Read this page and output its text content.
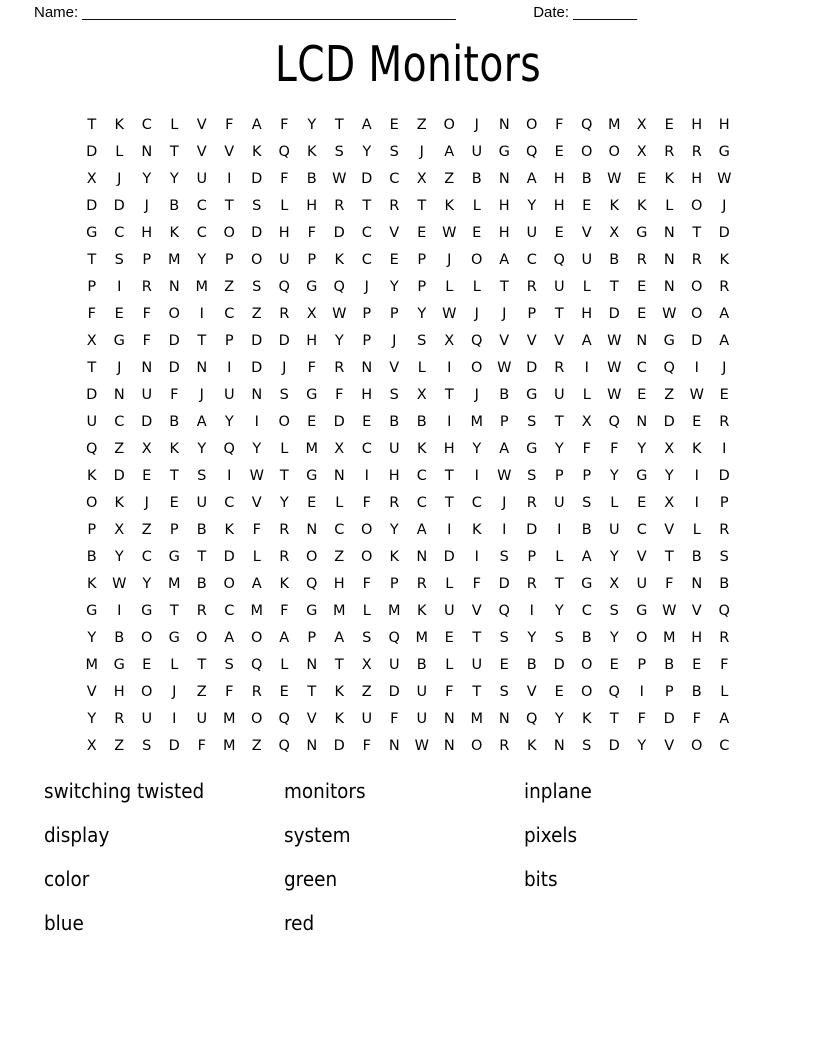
Name: _______________________________________________	Date: ________
LCD Monitors
T	K	C	L	V	F	A	F	Y	T	A	E	Z	O	J	N	O	F	Q	M	X	E	H	H
D	L	N	T	V	V	K	Q	K	S	Y	S	J	A	U	G	Q	E	O	O	X	R	R	G
X	J	Y	Y	U	I	D	F	B	W	D	C	X	Z	B	N	A	H	B	W	E	K	H	W
D	D	J	B	C	T	S	L	H	R	T	R	T	K	L	H	Y	H	E	K	K	L	O	J
G	C	H	K	C	O	D	H	F	D	C	V	E	W	E	H	U	E	V	X	G	N	T	D
T	S	P	M	Y	P	O	U	P	K	C	E	P	J	O	A	C	Q	U	B	R	N	R	K
P	I	R	N	M	Z	S	Q	G	Q	J	Y	P	L	L	T	R	U	L	T	E	N	O	R
F	E	F	O	I	C	Z	R	X	W	P	P	Y	W	J	J	P	T	H	D	E	W	O	A
X	G	F	D	T	P	D	D	H	Y	P	J	S	X	Q	V	V	V	A	W	N	G	D	A
T	J	N	D	N	I	D	J	F	R	N	V	L	I	O	W	D	R	I	W	C	Q	I	J
D	N	U	F	J	U	N	S	G	F	H	S	X	T	J	B	G	U	L	W	E	Z	W	E
U	C	D	B	A	Y	I	O	E	D	E	B	B	I	M	P	S	T	X	Q	N	D	E	R
Q	Z	X	K	Y	Q	Y	L	M	X	C	U	K	H	Y	A	G	Y	F	F	Y	X	K	I
K	D	E	T	S	I	W	T	G	N	I	H	C	T	I	W	S	P	P	Y	G	Y	I	D
O	K	J	E	U	C	V	Y	E	L	F	R	C	T	C	J	R	U	S	L	E	X	I	P
P	X	Z	P	B	K	F	R	N	C	O	Y	A	I	K	I	D	I	B	U	C	V	L	R
B	Y	C	G	T	D	L	R	O	Z	O	K	N	D	I	S	P	L	A	Y	V	T	B	S
K	W	Y	M	B	O	A	K	Q	H	F	P	R	L	F	D	R	T	G	X	U	F	N	B
G	I	G	T	R	C	M	F	G	M	L	M	K	U	V	Q	I	Y	C	S	G	W	V	Q
Y	B	O	G	O	A	O	A	P	A	S	Q	M	E	T	S	Y	S	B	Y	O	M	H	R
M	G	E	L	T	S	Q	L	N	T	X	U	B	L	U	E	B	D	O	E	P	B	E	F
V	H	O	J	Z	F	R	E	T	K	Z	D	U	F	T	S	V	E	O	Q	I	P	B	L
Y	R	U	I	U	M	O	Q	V	K	U	F	U	N	M	N	Q	Y	K	T	F	D	F	A
X	Z	S	D	F	M	Z	Q	N	D	F	N	W	N	O	R	K	N	S	D	Y	V	O	C
switching twisted	monitors	inplane
display	system	pixels
color	green	bits
blue	red
